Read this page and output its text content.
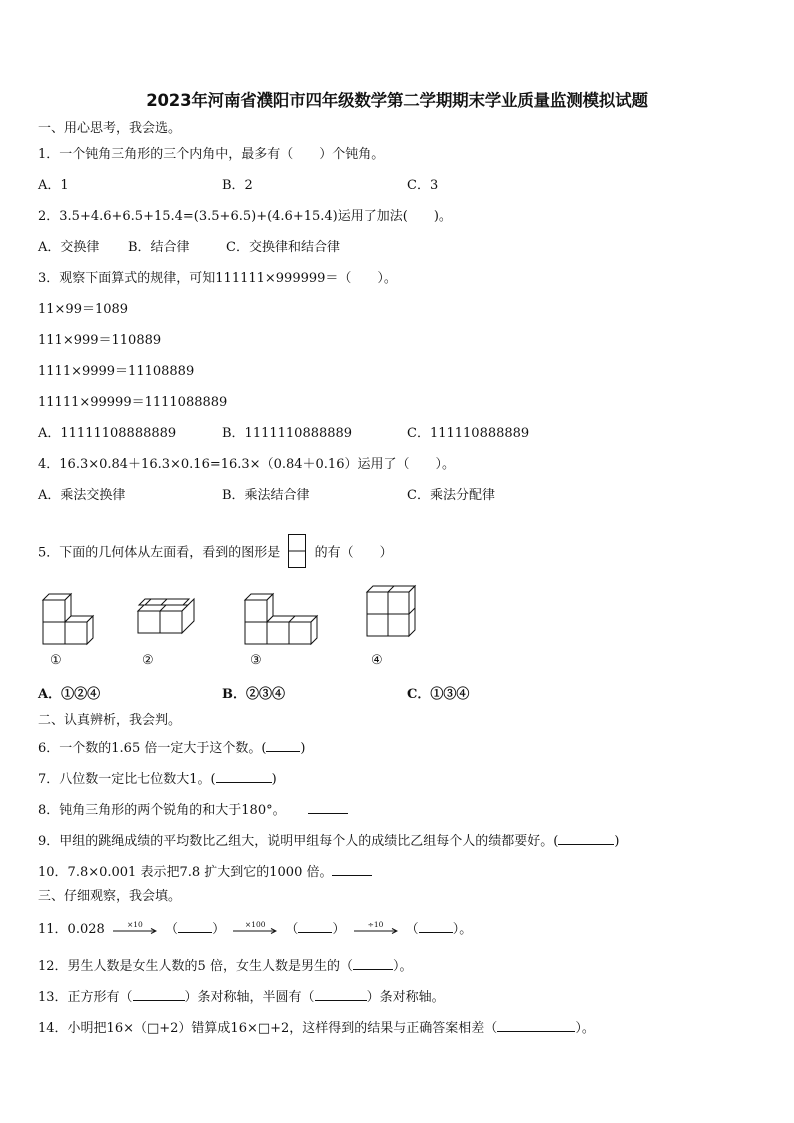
2023年河南省濮阳市四年级数学第二学期期末学业质量监测模拟试题
一、用心思考，我会选。
1．一个钝角三角形的三个内角中，最多有（　　）个钝角。
A．1	B．2	C．3
2．3.5+4.6+6.5+15.4=(3.5+6.5)+(4.6+15.4)运用了加法(　　)。
A．交换律 B．结合律	C．交换律和结合律
3．观察下面算式的规律，可知111111×999999＝（　　）。
11×99＝1089
111×999＝110889
1111×9999＝11108889
11111×99999＝1111088889
A．11111108888889	B．1111110888889	C．111110888889
4．16.3×0.84＋16.3×0.16=16.3×（0.84＋0.16）运用了（　　）。
A．乘法交换律	B．乘法结合律	C．乘法分配律
5．下面的几何体从左面看，看到的图形是	的有（　　）
①	②	③	④
A．①②④	B．②③④	C．①③④
二、认真辨析，我会判。
6．一个数的1.65 倍一定大于这个数。(	)
7．八位数一定比七位数大1。(	)
8．钝角三角形的两个锐角的和大于180°。
9．甲组的跳绳成绩的平均数比乙组大，说明甲组每个人的成绩比乙组每个人的绩都要好。(	)
10．7.8×0.001 表示把7.8 扩大到它的1000 倍。
三、仔细观察，我会填。
11．0.028	×10	（	）	×100	（	）	÷10	（	）。
12．男生人数是女生人数的5 倍，女生人数是男生的（	）。
13．正方形有（	）条对称轴，半圆有（	）条对称轴。
14．小明把16×（□+2）错算成16×□+2，这样得到的结果与正确答案相差（	）。
